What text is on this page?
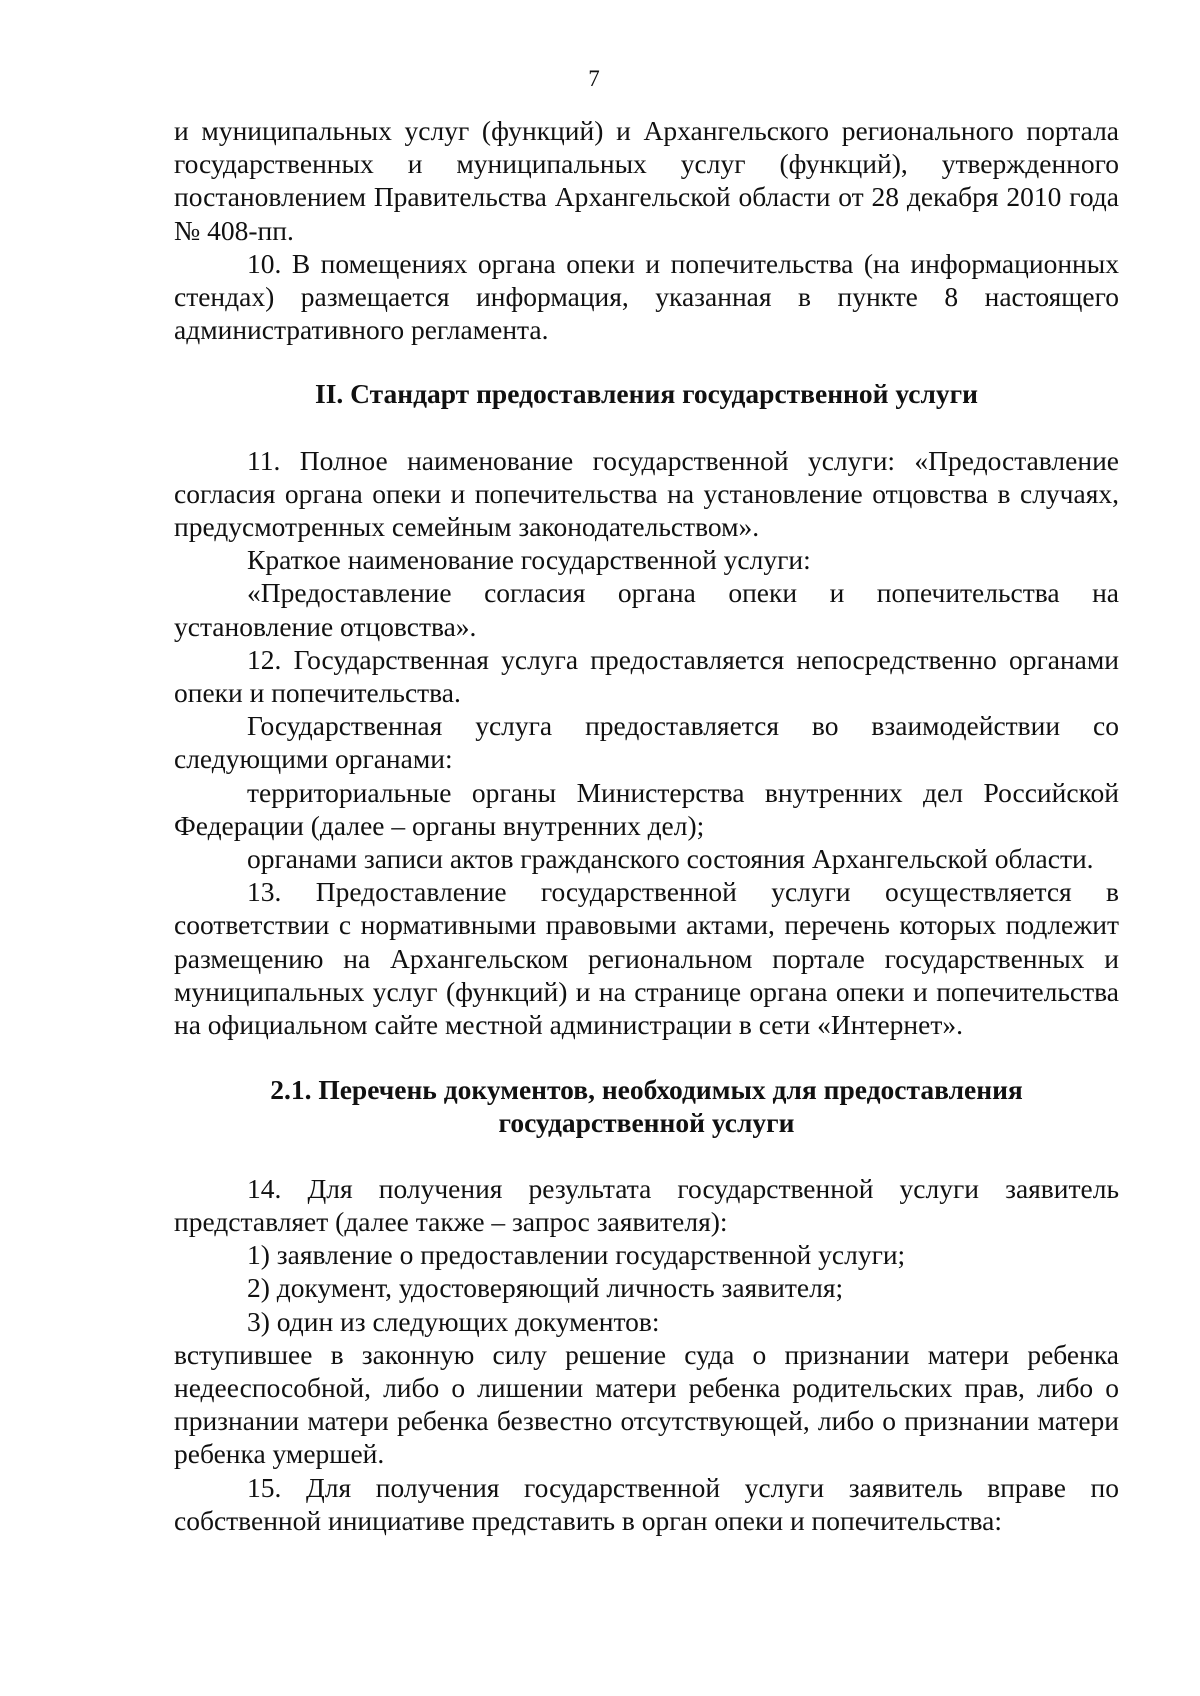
7

и муниципальных услуг (функций) и Архангельского регионального портала государственных и муниципальных услуг (функций), утвержденного постановлением Правительства Архангельской области от 28 декабря 2010 года № 408-пп.

10. В помещениях органа опеки и попечительства (на информационных стендах) размещается информация, указанная в пункте 8 настоящего административного регламента.

II. Стандарт предоставления государственной услуги

11. Полное наименование государственной услуги: «Предоставление согласия органа опеки и попечительства на установление отцовства в случаях, предусмотренных семейным законодательством».

Краткое наименование государственной услуги:

«Предоставление согласия органа опеки и попечительства на установление отцовства».

12. Государственная услуга предоставляется непосредственно органами опеки и попечительства.

Государственная услуга предоставляется во взаимодействии со следующими органами:

территориальные органы Министерства внутренних дел Российской Федерации (далее – органы внутренних дел);

органами записи актов гражданского состояния Архангельской области.

13. Предоставление государственной услуги осуществляется в соответствии с нормативными правовыми актами, перечень которых подлежит размещению на Архангельском региональном портале государственных и муниципальных услуг (функций) и на странице органа опеки и попечительства на официальном сайте местной администрации в сети «Интернет».

2.1. Перечень документов, необходимых для предоставления
государственной услуги

14. Для получения результата государственной услуги заявитель представляет (далее также – запрос заявителя):

1) заявление о предоставлении государственной услуги;

2) документ, удостоверяющий личность заявителя;

3) один из следующих документов:

вступившее в законную силу решение суда о признании матери ребенка недееспособной, либо о лишении матери ребенка родительских прав, либо о признании матери ребенка безвестно отсутствующей, либо о признании матери ребенка умершей.

15. Для получения государственной услуги заявитель вправе по собственной инициативе представить в орган опеки и попечительства:
